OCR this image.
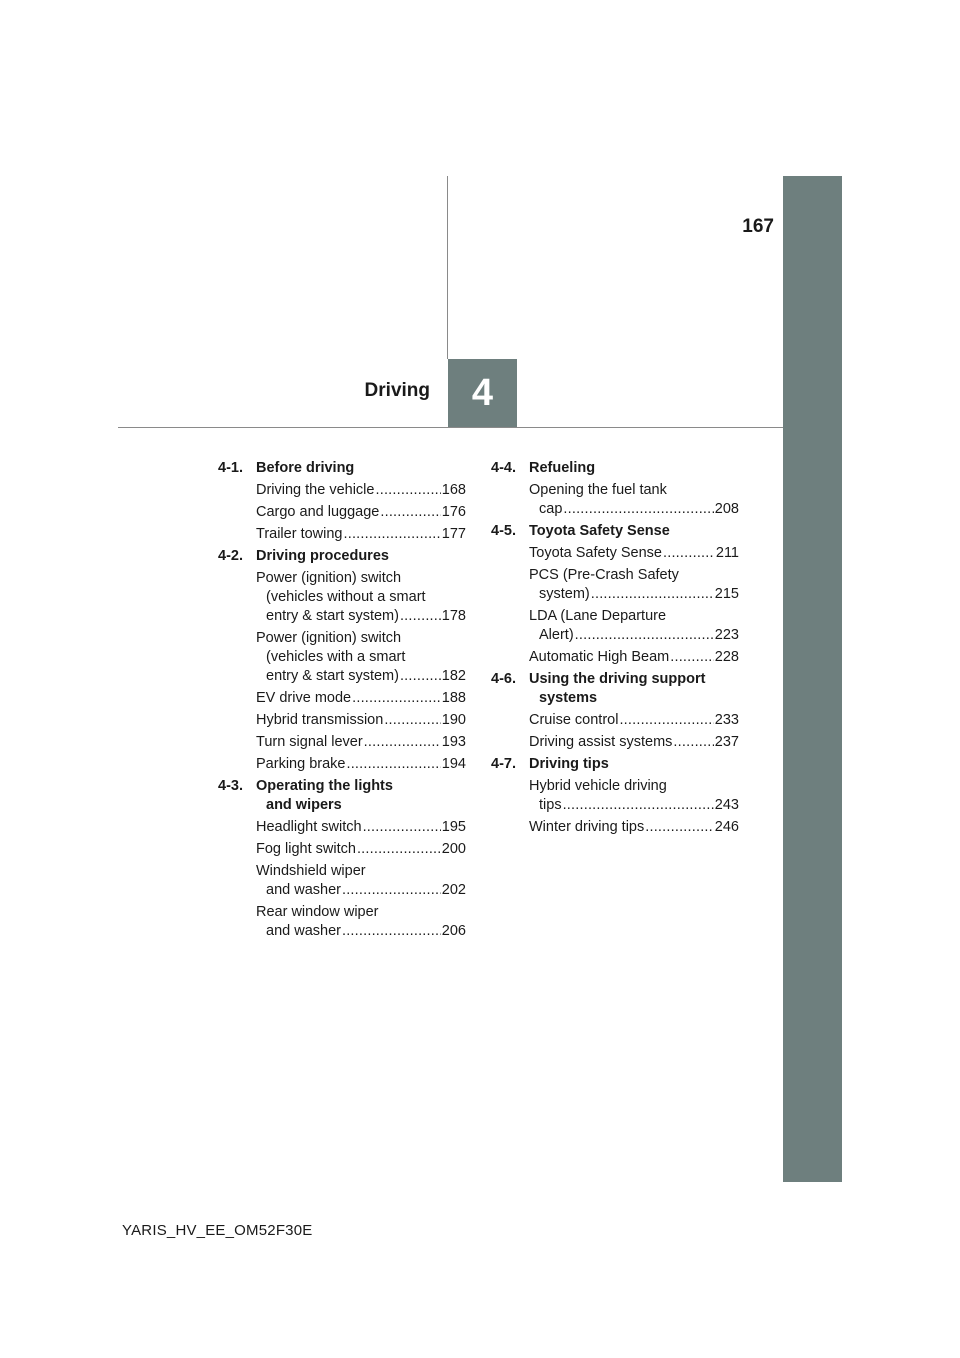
167
4
Driving
4-1. Before driving
Driving the vehicle .....	168
Cargo and luggage .....	176
Trailer towing .....	177
4-2. Driving procedures
Power (ignition) switch
(vehicles without a smart
entry & start system) .....	178
Power (ignition) switch
(vehicles with a smart
entry & start system) .....	182
EV drive mode .....	188
Hybrid transmission .....	190
Turn signal lever .....	193
Parking brake .....	194
4-3. Operating the lights
and wipers
Headlight switch .....	195
Fog light switch .....	200
Windshield wiper
and washer .....	202
Rear window wiper
and washer .....	206
4-4. Refueling
Opening the fuel tank
cap .....	208
4-5. Toyota Safety Sense
Toyota Safety Sense .....	211
PCS (Pre-Crash Safety
system) .....	215
LDA (Lane Departure
Alert) .....	223
Automatic High Beam .....	228
4-6. Using the driving support
systems
Cruise control .....	233
Driving assist systems .....	237
4-7. Driving tips
Hybrid vehicle driving
tips .....	243
Winter driving tips .....	246
YARIS_HV_EE_OM52F30E
